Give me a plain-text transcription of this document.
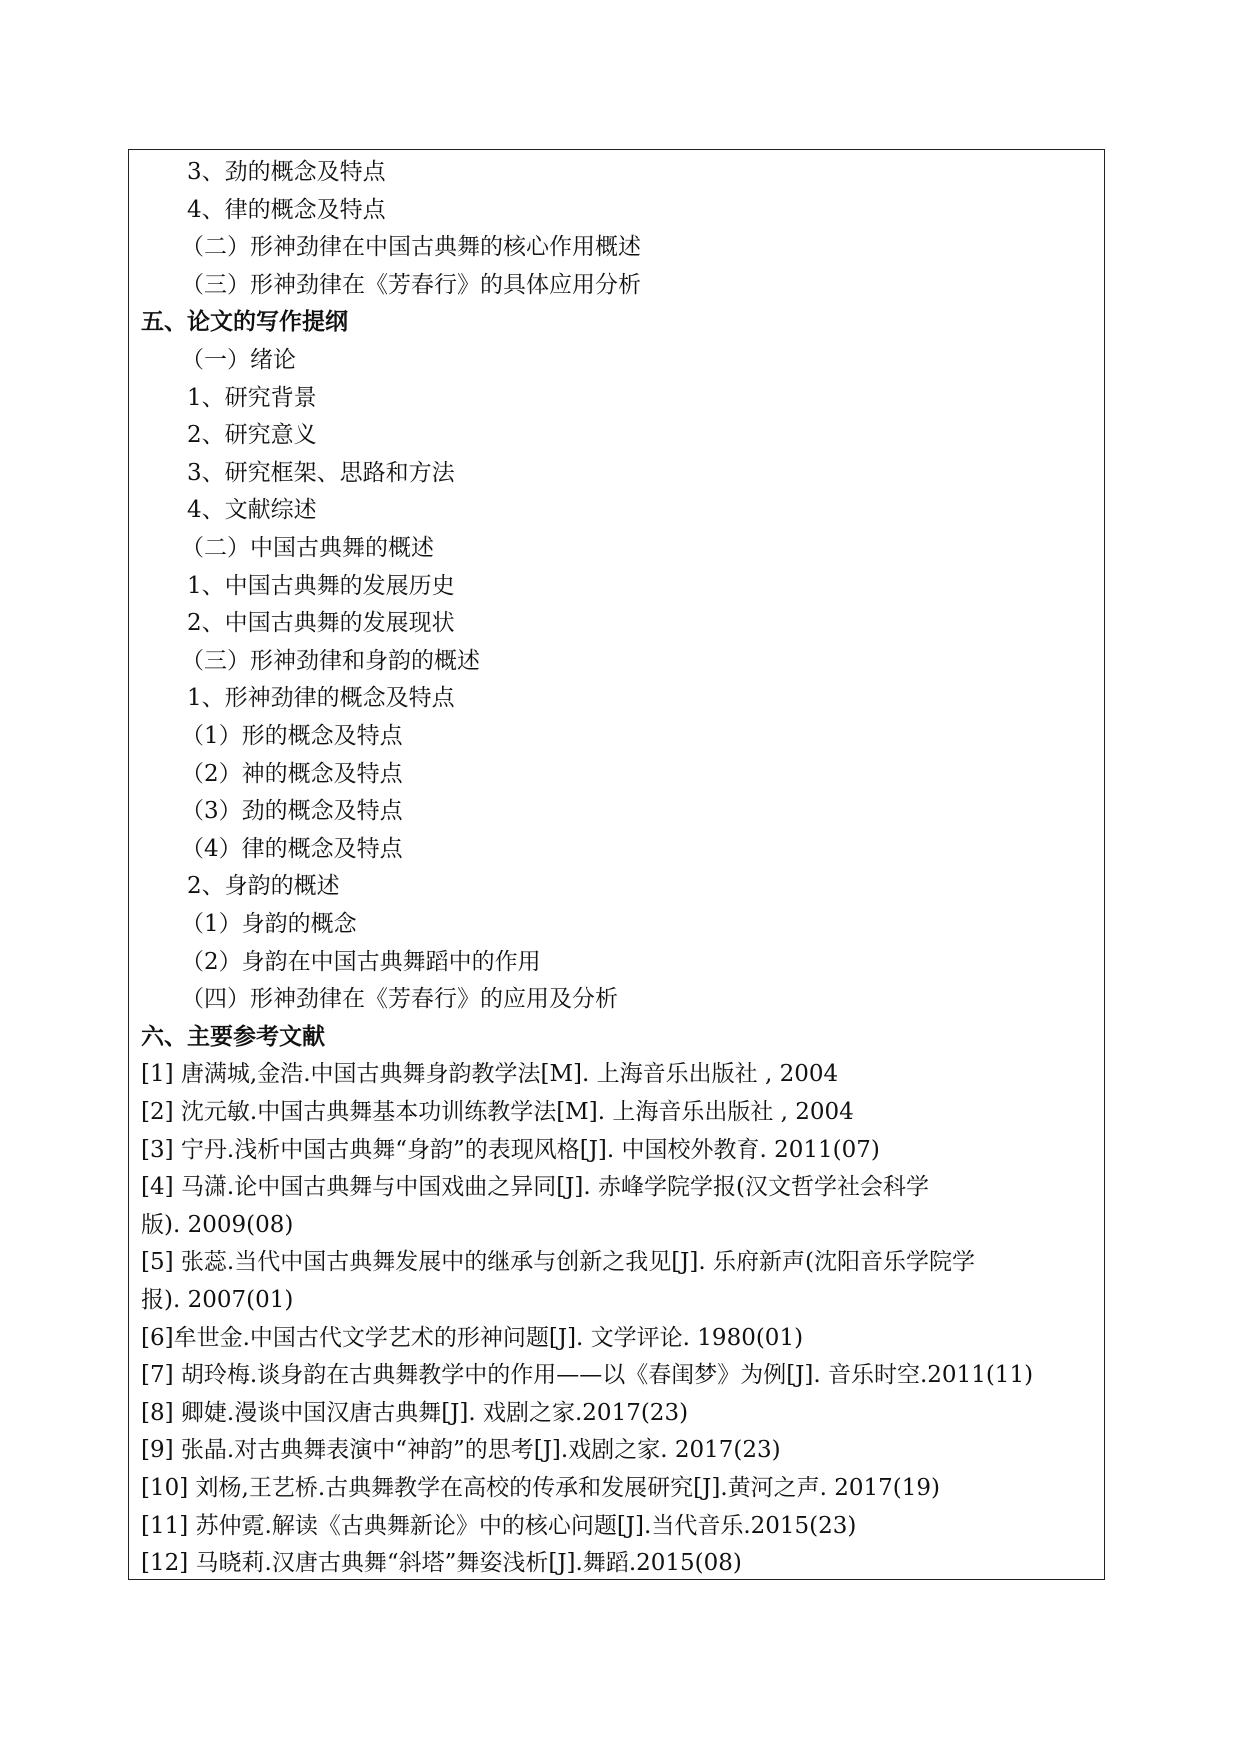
3、劲的概念及特点
4、律的概念及特点
（二）形神劲律在中国古典舞的核心作用概述
（三）形神劲律在《芳春行》的具体应用分析
五、论文的写作提纲
（一）绪论
1、研究背景
2、研究意义
3、研究框架、思路和方法
4、文献综述
（二）中国古典舞的概述
1、中国古典舞的发展历史
2、中国古典舞的发展现状
（三）形神劲律和身韵的概述
1、形神劲律的概念及特点
（1）形的概念及特点
（2）神的概念及特点
（3）劲的概念及特点
（4）律的概念及特点
2、身韵的概述
（1）身韵的概念
（2）身韵在中国古典舞蹈中的作用
（四）形神劲律在《芳春行》的应用及分析
六、主要参考文献
[1] 唐满城,金浩.中国古典舞身韵教学法[M]. 上海音乐出版社 , 2004
[2] 沈元敏.中国古典舞基本功训练教学法[M]. 上海音乐出版社 , 2004
[3] 宁丹.浅析中国古典舞“身韵”的表现风格[J]. 中国校外教育. 2011(07)
[4] 马潇.论中国古典舞与中国戏曲之异同[J]. 赤峰学院学报(汉文哲学社会科学
版). 2009(08)
[5] 张蕊.当代中国古典舞发展中的继承与创新之我见[J]. 乐府新声(沈阳音乐学院学
报). 2007(01)
[6]牟世金.中国古代文学艺术的形神问题[J]. 文学评论. 1980(01)
[7] 胡玲梅.谈身韵在古典舞教学中的作用——以《春闺梦》为例[J]. 音乐时空.2011(11)
[8] 卿婕.漫谈中国汉唐古典舞[J]. 戏剧之家.2017(23)
[9] 张晶.对古典舞表演中“神韵”的思考[J].戏剧之家. 2017(23)
[10] 刘杨,王艺桥.古典舞教学在高校的传承和发展研究[J].黄河之声. 2017(19)
[11] 苏仲霓.解读《古典舞新论》中的核心问题[J].当代音乐.2015(23)
[12] 马晓莉.汉唐古典舞“斜塔”舞姿浅析[J].舞蹈.2015(08)
